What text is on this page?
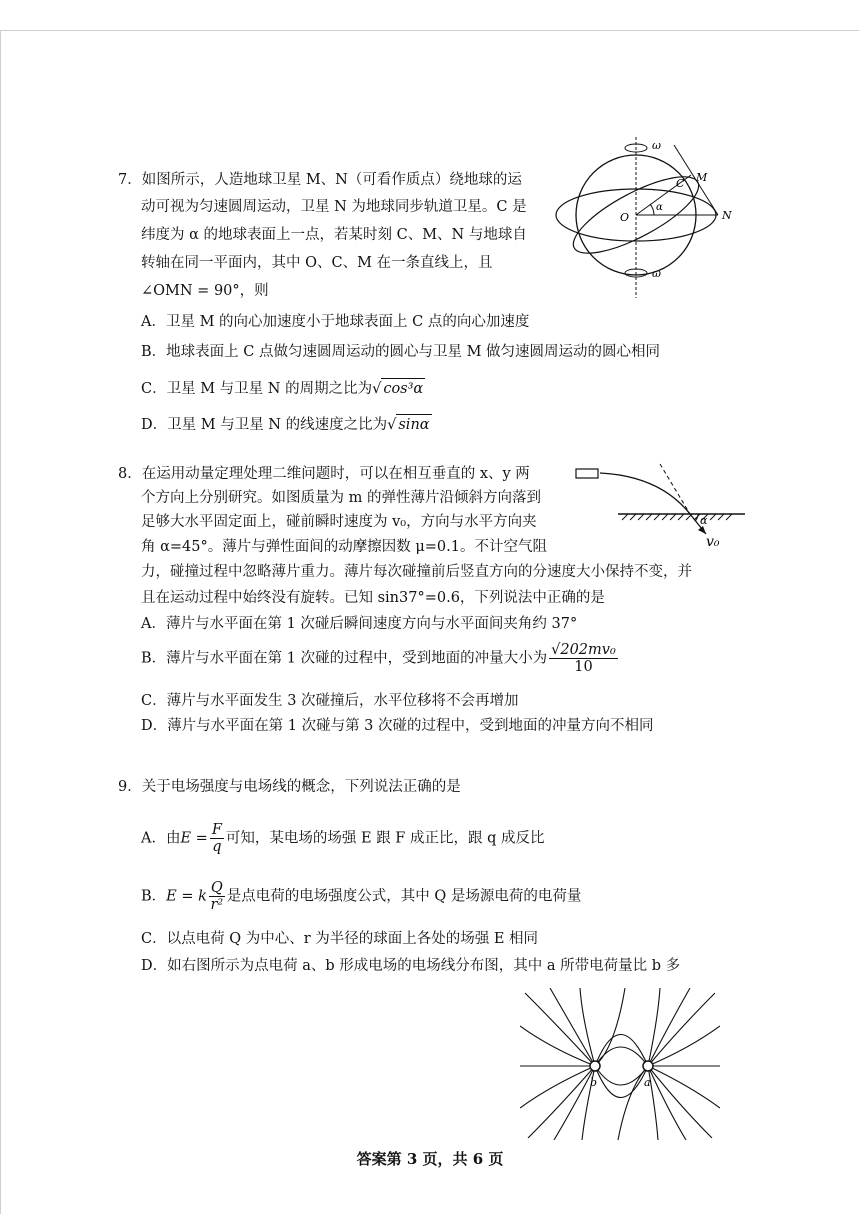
7．如图所示，人造地球卫星 M、N（可看作质点）绕地球的运
动可视为匀速圆周运动，卫星 N 为地球同步轨道卫星。C 是
纬度为 α 的地球表面上一点，若某时刻 C、M、N 与地球自
转轴在同一平面内，其中 O、C、M 在一条直线上，且
∠OMN = 90°，则
A．卫星 M 的向心加速度小于地球表面上 C 点的向心加速度
B．地球表面上 C 点做匀速圆周运动的圆心与卫星 M 做匀速圆周运动的圆心相同
C．卫星 M 与卫星 N 的周期之比为√ cos³α
D．卫星 M 与卫星 N 的线速度之比为√ sinα
ω
ω
O
α
C M
N
8．在运用动量定理处理二维问题时，可以在相互垂直的 x、y 两
个方向上分别研究。如图质量为 m 的弹性薄片沿倾斜方向落到
足够大水平固定面上，碰前瞬时速度为 v₀，方向与水平方向夹
角 α=45°。薄片与弹性面间的动摩擦因数 μ=0.1。不计空气阻
力，碰撞过程中忽略薄片重力。薄片每次碰撞前后竖直方向的分速度大小保持不变，并
且在运动过程中始终没有旋转。已知 sin37°=0.6，下列说法中正确的是
A．薄片与水平面在第 1 次碰后瞬间速度方向与水平面间夹角约 37°
B．薄片与水平面在第 1 次碰的过程中，受到地面的冲量大小为 $\frac{\text{√202mv₀}}{10}$
C．薄片与水平面发生 3 次碰撞后，水平位移将不会再增加
D．薄片与水平面在第 1 次碰与第 3 次碰的过程中，受到地面的冲量方向不相同
α
v₀
9．关于电场强度与电场线的概念，下列说法正确的是
A．由$E = \frac{F}{q}$ 可知，某电场的场强 E 跟 F 成正比，跟 q 成反比
B．E = k $\frac{Q}{\text{r²}}$ 是点电荷的电场强度公式，其中 Q 是场源电荷的电荷量
C．以点电荷 Q 为中心、r 为半径的球面上各处的场强 E 相同
D．如右图所示为点电荷 a、b 形成电场的电场线分布图，其中 a 所带电荷量比 b 多
b	a
答案第 3 页，共 6 页
